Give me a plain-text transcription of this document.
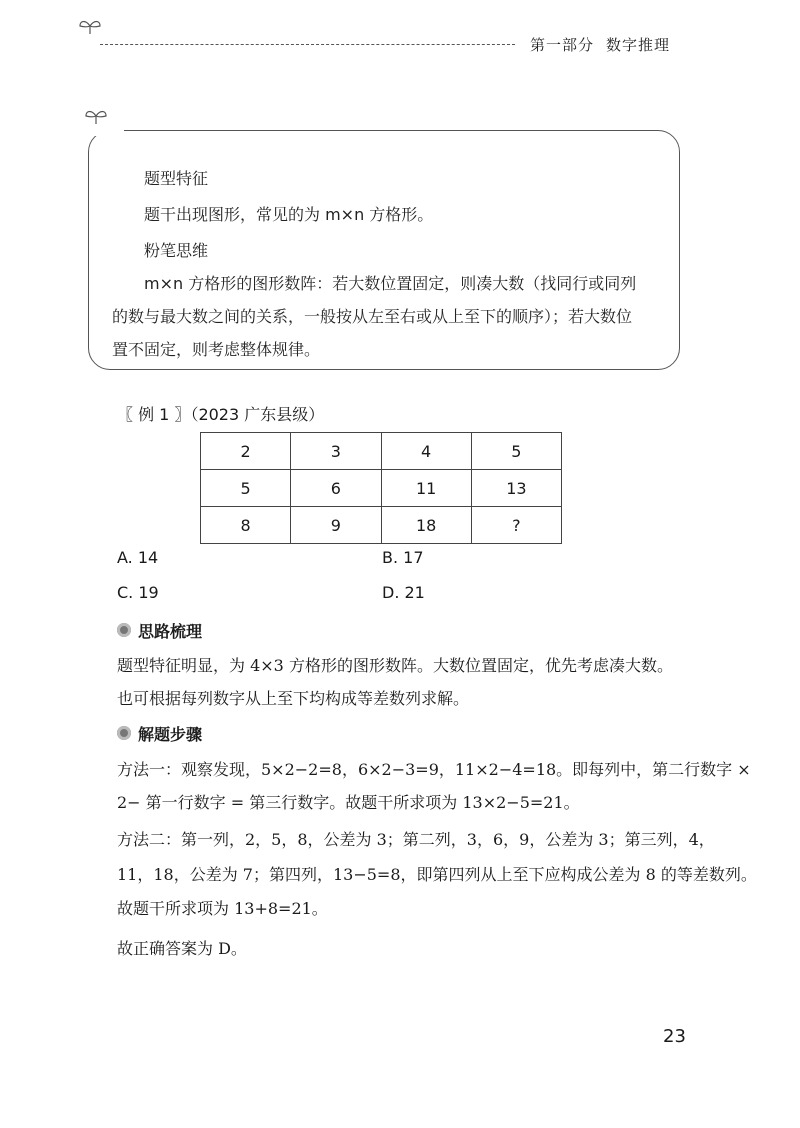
第一部分 数字推理
题型特征
题干出现图形，常见的为 m×n 方格形。
粉笔思维
m×n 方格形的图形数阵：若大数位置固定，则凑大数（找同行或同列
的数与最大数之间的关系，一般按从左至右或从上至下的顺序）；若大数位
置不固定，则考虑整体规律。
〖 例 1 〗（2023 广东县级）
2	3	4	5
5	6	11	13
8	9	18	?
A. 14	B. 17
C. 19	D. 21
思路梳理
题型特征明显，为 4×3 方格形的图形数阵。大数位置固定，优先考虑凑大数。
也可根据每列数字从上至下均构成等差数列求解。
解题步骤
方法一：观察发现，5×2−2=8，6×2−3=9，11×2−4=18。即每列中，第二行数字 ×
2− 第一行数字 = 第三行数字。故题干所求项为 13×2−5=21。
方法二：第一列，2，5，8，公差为 3；第二列，3，6，9，公差为 3；第三列，4，
11，18，公差为 7；第四列，13−5=8，即第四列从上至下应构成公差为 8 的等差数列。
故题干所求项为 13+8=21。
故正确答案为 D。
23
